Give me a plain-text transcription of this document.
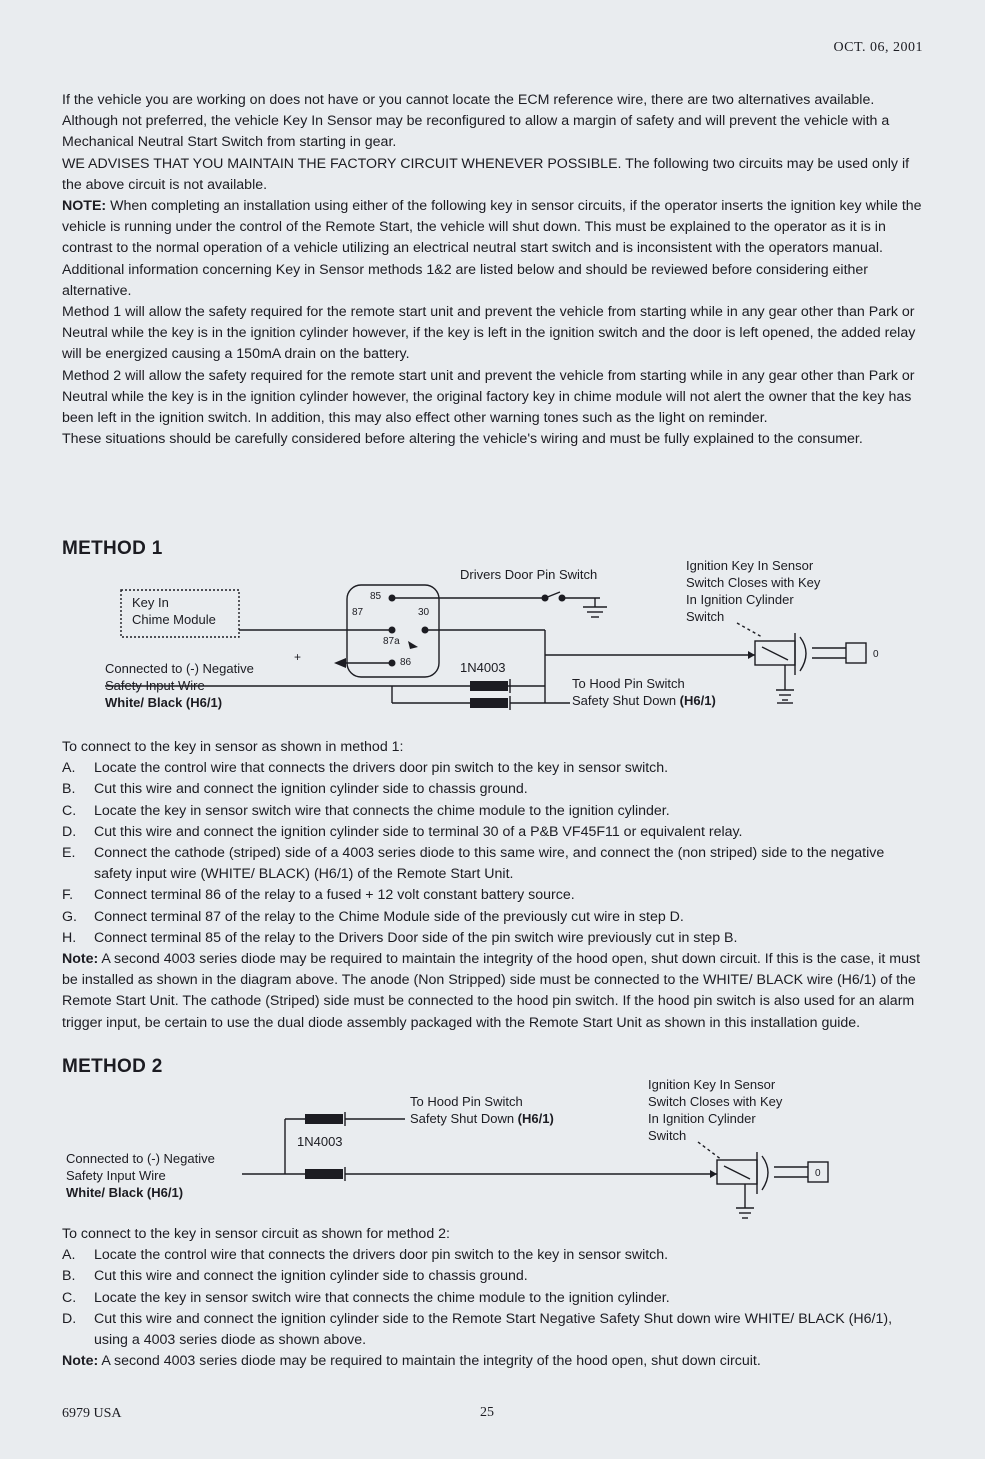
OCT. 06, 2001

If the vehicle you are working on does not have or you cannot locate the ECM reference wire, there are two alternatives available. Although not preferred, the vehicle Key In Sensor may be reconfigured to allow a margin of safety and will prevent the vehicle with a Mechanical Neutral Start Switch from starting in gear.

WE ADVISES THAT YOU MAINTAIN THE FACTORY CIRCUIT WHENEVER POSSIBLE. The following two circuits may be used only if the above circuit is not available.

NOTE: When completing an installation using either of the following key in sensor circuits, if the operator inserts the ignition key while the vehicle is running under the control of the Remote Start, the vehicle will shut down. This must be explained to the operator as it is in contrast to the normal operation of a vehicle utilizing an electrical neutral start switch and is inconsistent with the operators manual.

Additional information concerning Key in Sensor methods 1&2 are listed below and should be reviewed before considering either alternative.

Method 1 will allow the safety required for the remote start unit and prevent the vehicle from starting while in any gear other than Park or Neutral while the key is in the ignition cylinder however, if the key is left in the ignition switch and the door is left opened, the added relay will be energized causing a 150mA drain on the battery.

Method 2 will allow the safety required for the remote start unit and prevent the vehicle from starting while in any gear other than Park or Neutral while the key is in the ignition cylinder however, the original factory key in chime module will not alert the owner that the key has been left in the ignition switch. In addition, this may also effect other warning tones such as the light on reminder.

These situations should be carefully considered before altering the vehicle's wiring and must be fully explained to the consumer.

METHOD 1
0
Key In
Chime Module
85
87	30
87a
86
+
Drivers Door Pin Switch
Ignition Key In Sensor
Switch Closes with Key
In Ignition Cylinder
Switch
1N4003
Connected to (-) Negative
Safety Input Wire
White/ Black (H6/1)
To Hood Pin Switch
Safety Shut Down (H6/1)

To connect to the key in sensor as shown in method 1:

A.	Locate the control wire that connects the drivers door pin switch to the key in sensor switch.
B.	Cut this wire and connect the ignition cylinder side to chassis ground.
C.	Locate the key in sensor switch wire that connects the chime module to the ignition cylinder.
D.	Cut this wire and connect the ignition cylinder side to terminal 30 of a P&B VF45F11 or equivalent relay.
E.	Connect the cathode (striped) side of a 4003 series diode to this same wire, and connect the (non striped) side to the negative safety input wire (WHITE/ BLACK) (H6/1) of the Remote Start Unit.
F.	Connect terminal 86 of the relay to a fused + 12 volt constant battery source.
G.	Connect terminal 87 of the relay to the Chime Module side of the previously cut wire in step D.
H.	Connect terminal 85 of the relay to the Drivers Door side of the pin switch wire previously cut in step B.

Note: A second 4003 series diode may be required to maintain the integrity of the hood open, shut down circuit. If this is the case, it must be installed as shown in the diagram above. The anode (Non Stripped) side must be connected to the WHITE/ BLACK wire (H6/1) of the Remote Start Unit. The cathode (Striped) side must be connected to the hood pin switch. If the hood pin switch is also used for an alarm trigger input, be certain to use the dual diode assembly packaged with the Remote Start Unit as shown in this installation guide.

METHOD 2
0
To Hood Pin Switch
Safety Shut Down (H6/1)
1N4003
Connected to (-) Negative
Safety Input Wire
White/ Black (H6/1)
Ignition Key In Sensor
Switch Closes with Key
In Ignition Cylinder
Switch

To connect to the key in sensor circuit as shown for method 2:

A.	Locate the control wire that connects the drivers door pin switch to the key in sensor switch.
B.	Cut this wire and connect the ignition cylinder side to chassis ground.
C.	Locate the key in sensor switch wire that connects the chime module to the ignition cylinder.
D.	Cut this wire and connect the ignition cylinder side to the Remote Start Negative Safety Shut down wire WHITE/ BLACK (H6/1), using a 4003 series diode as shown above.

Note: A second 4003 series diode may be required to maintain the integrity of the hood open, shut down circuit.

6979 USA	25
